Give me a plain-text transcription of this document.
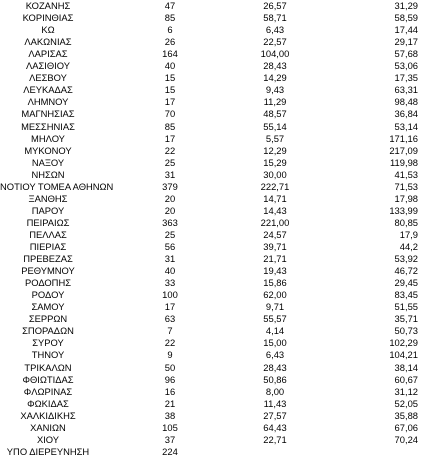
ΚΟΖΑΝΗΣ	47	26,57	31,29
ΚΟΡΙΝΘΙΑΣ	85	58,71	58,59
ΚΩ	6	6,43	17,44
ΛΑΚΩΝΙΑΣ	26	22,57	29,17
ΛΑΡΙΣΑΣ	164	104,00	57,68
ΛΑΣΙΘΙΟΥ	40	28,43	53,06
ΛΕΣΒΟΥ	15	14,29	17,35
ΛΕΥΚΑΔΑΣ	15	9,43	63,31
ΛΗΜΝΟΥ	17	11,29	98,48
ΜΑΓΝΗΣΙΑΣ	70	48,57	36,84
ΜΕΣΣΗΝΙΑΣ	85	55,14	53,14
ΜΗΛΟΥ	17	5,57	171,16
ΜΥΚΟΝΟΥ	22	12,29	217,09
ΝΑΞΟΥ	25	15,29	119,98
ΝΗΣΩΝ	31	30,00	41,53
ΝΟΤΙΟΥ ΤΟΜΕΑ ΑΘΗΝΩΝ	379	222,71	71,53
ΞΑΝΘΗΣ	20	14,71	17,98
ΠΑΡΟΥ	20	14,43	133,99
ΠΕΙΡΑΙΩΣ	363	221,00	80,85
ΠΕΛΛΑΣ	25	24,57	17,9
ΠΙΕΡΙΑΣ	56	39,71	44,2
ΠΡΕΒΕΖΑΣ	31	21,71	53,92
ΡΕΘΥΜΝΟΥ	40	19,43	46,72
ΡΟΔΟΠΗΣ	33	15,86	29,45
ΡΟΔΟΥ	100	62,00	83,45
ΣΑΜΟΥ	17	9,71	51,55
ΣΕΡΡΩΝ	63	55,57	35,71
ΣΠΟΡΑΔΩΝ	7	4,14	50,73
ΣΥΡΟΥ	22	15,00	102,29
ΤΗΝΟΥ	9	6,43	104,21
ΤΡΙΚΑΛΩΝ	50	28,43	38,14
ΦΘΙΩΤΙΔΑΣ	96	50,86	60,67
ΦΛΩΡΙΝΑΣ	16	8,00	31,12
ΦΩΚΙΔΑΣ	21	11,43	52,05
ΧΑΛΚΙΔΙΚΗΣ	38	27,57	35,88
ΧΑΝΙΩΝ	105	64,43	67,06
ΧΙΟΥ	37	22,71	70,24
ΥΠΟ ΔΙΕΡΕΥΝΗΣΗ	224
